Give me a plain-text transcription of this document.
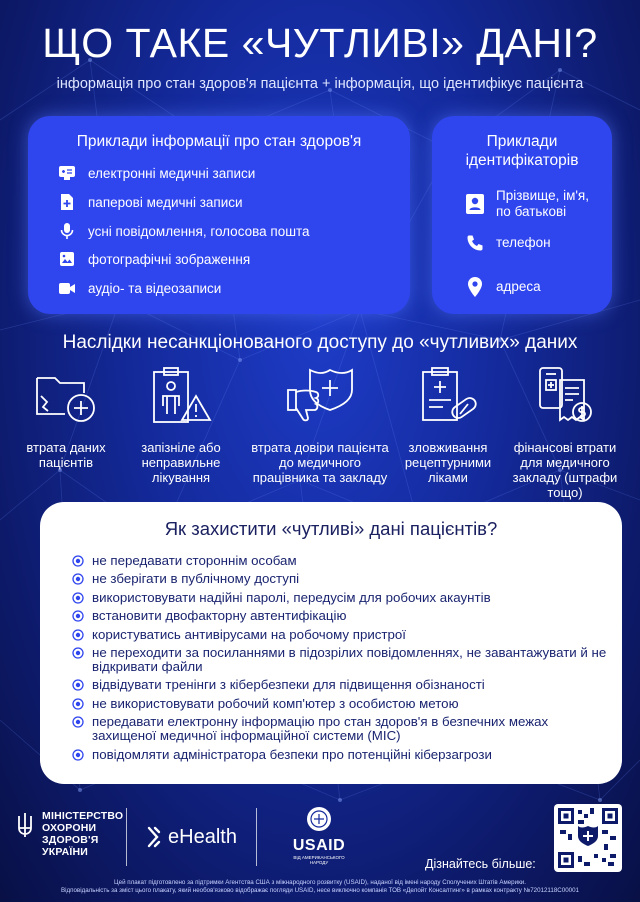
ЩО ТАКЕ «ЧУТЛИВІ» ДАНІ?
інформація про стан здоров'я пацієнта + інформація, що ідентифікує пацієнта
Приклади інформації про стан здоров'я
електронні медичні записи
паперові медичні записи
усні повідомлення, голосова пошта
фотографічні зображення
аудіо- та відеозаписи
Приклади ідентифікаторів
Прізвище, ім'я, по батькові
телефон
адреса
Наслідки несанкціонованого доступу до «чутливих» даних
втрата даних пацієнтів
запізніле або неправильне лікування
втрата довіри пацієнта до медичного працівника та закладу
зловживання рецептурними ліками
фінансові втрати для медичного закладу (штрафи тощо)
Як захистити «чутливі» дані пацієнтів?
не передавати стороннім особам
не зберігати в публічному доступі
використовувати надійні паролі, передусім для робочих акаунтів
встановити двофакторну автентифікацію
користуватись антивірусами на робочому пристрої
не переходити за посиланнями в підозрілих повідомленнях, не завантажувати й не відкривати файли
відвідувати тренінги з кібербезпеки для підвищення обізнаності
не використовувати робочий комп'ютер з особистою метою
передавати електронну інформацію про стан здоров'я в безпечних межах захищеної медичної інформаційної системи (МІС)
повідомляти адміністратора безпеки про потенційні кіберзагрози
МІНІСТЕРСТВО
ОХОРОНИ
ЗДОРОВ'Я
УКРАЇНИ
eHealth	USAID
ВІД АМЕРИКАНСЬКОГО НАРОДУ	Дізнайтесь більше:
Цей плакат підготовлено за підтримки Агентства США з міжнародного розвитку (USAID), наданої від імені народу Сполучених Штатів Америки.
Відповідальність за зміст цього плакату, який необов'язково відображає погляди USAID, несе виключно компанія ТОВ «Делойт Консалтинг» в рамках контракту №72012118C00001
